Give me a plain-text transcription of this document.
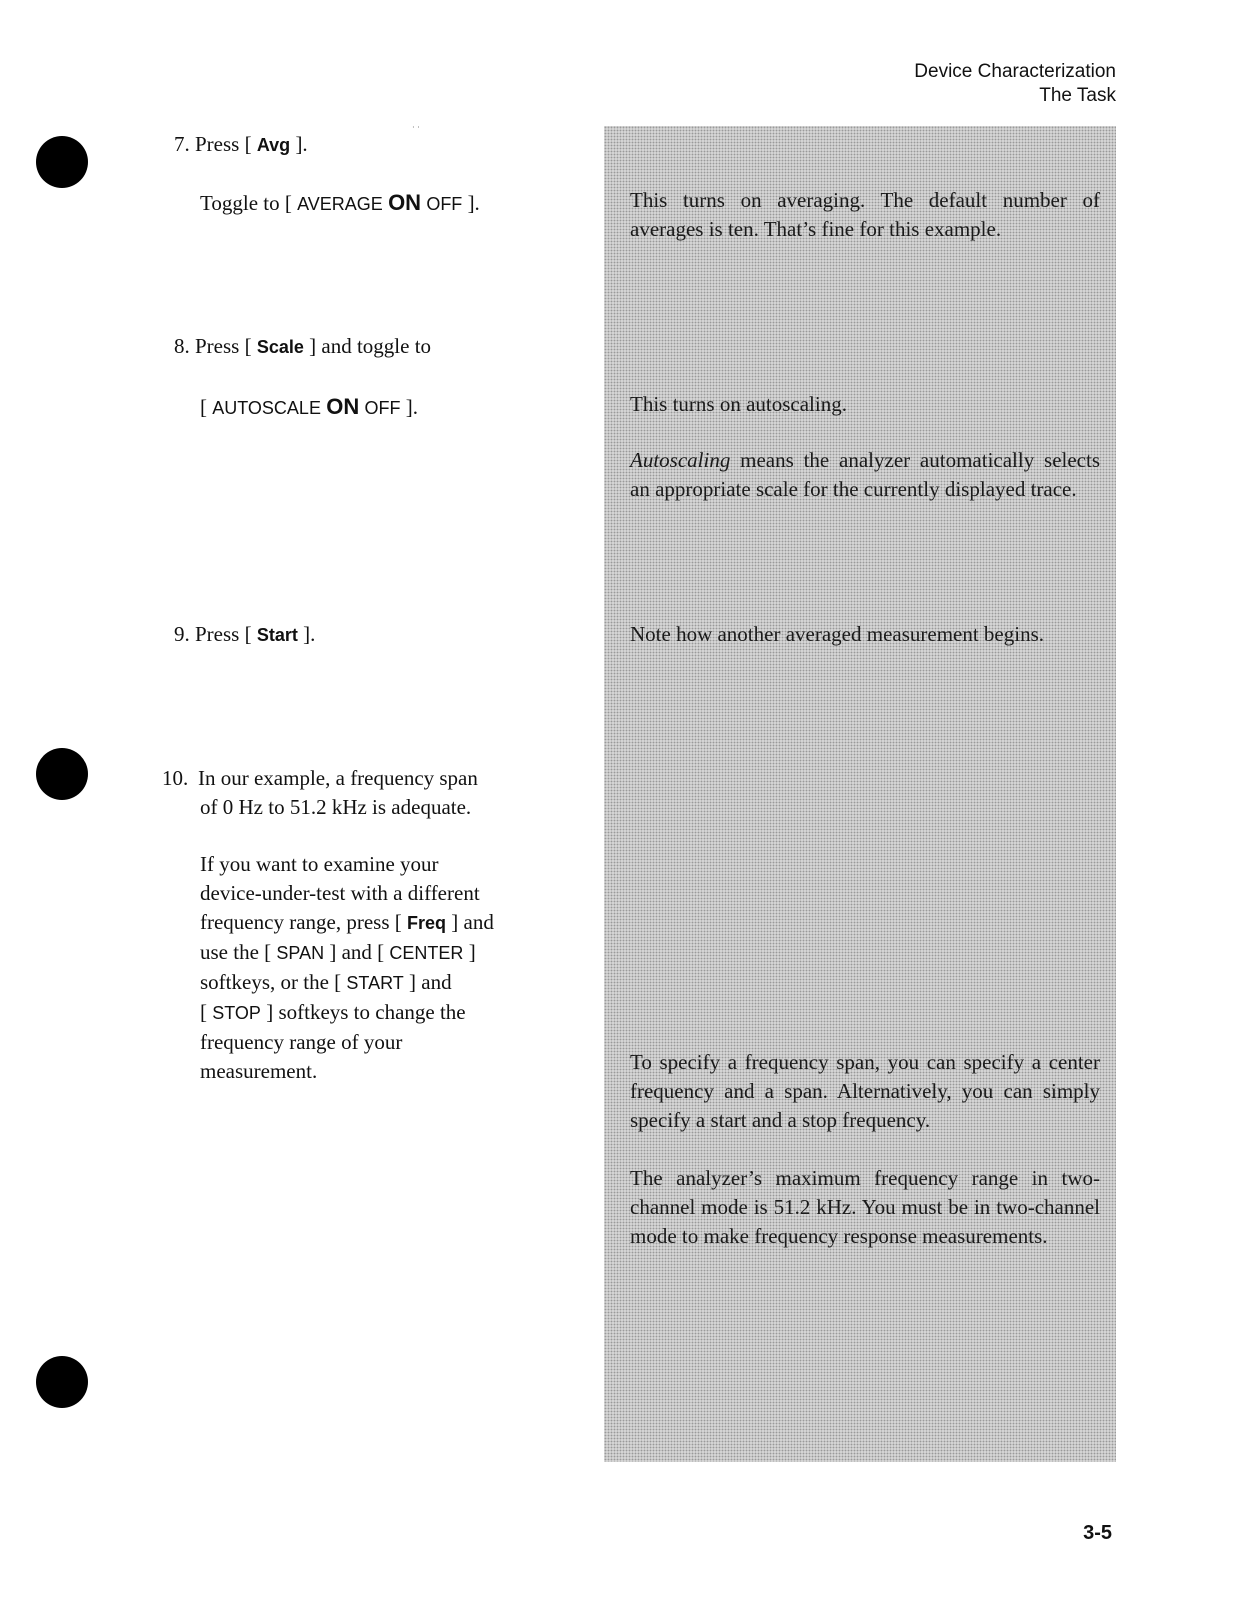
Device Characterization
The Task
⋅ ⋅
7. Press [ Avg ].
Toggle to [ AVERAGE ON OFF ].
8. Press [ Scale ] and toggle to
[ AUTOSCALE ON OFF ].
9. Press [ Start ].
10. In our example, a frequency span
of 0 Hz to 51.2 kHz is adequate.
If you want to examine your
device-under-test with a different
frequency range, press [ Freq ] and
use the [ SPAN ] and [ CENTER ]
softkeys, or the [ START ] and
[ STOP ] softkeys to change the
frequency range of your
measurement.
This turns on averaging. The default number of averages is ten. That’s fine for this example.
This turns on autoscaling.
Autoscaling means the analyzer automatically selects an appropriate scale for the currently displayed trace.
Note how another averaged measurement begins.
To specify a frequency span, you can specify a center frequency and a span. Alternatively, you can simply specify a start and a stop frequency.
The analyzer’s maximum frequency range in two-channel mode is 51.2 kHz. You must be in two-channel mode to make frequency response measurements.
3-5
